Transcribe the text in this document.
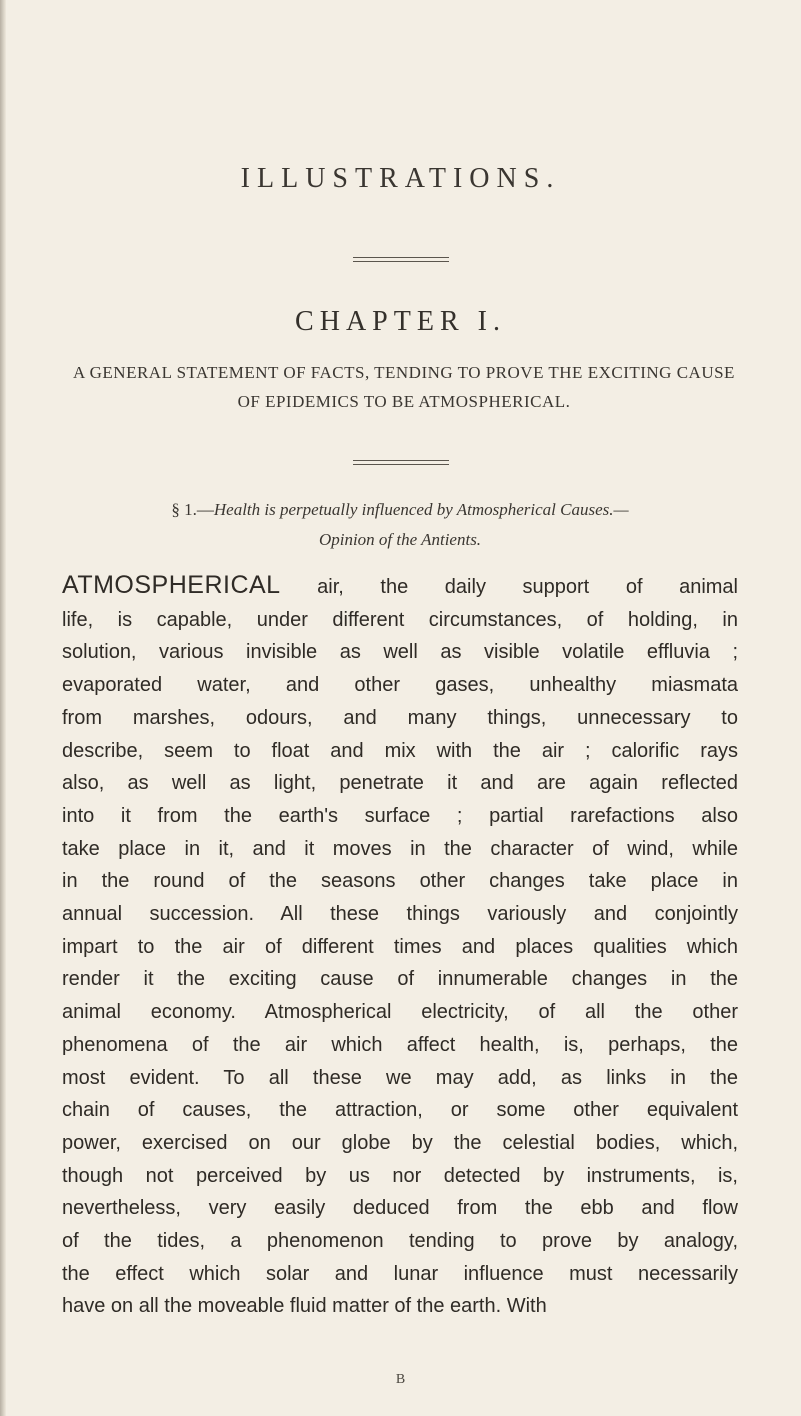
ILLUSTRATIONS.
CHAPTER I.
A GENERAL STATEMENT OF FACTS, TENDING TO PROVE THE EXCITING CAUSE OF EPIDEMICS TO BE ATMOSPHERICAL.
§ 1.—Health is perpetually influenced by Atmospherical Causes.—
Opinion of the Antients.
ATMOSPHERICAL air, the daily support of animal
life, is capable, under different circumstances, of holding, in
solution, various invisible as well as visible volatile effluvia ;
evaporated water, and other gases, unhealthy miasmata
from marshes, odours, and many things, unnecessary to
describe, seem to float and mix with the air ; calorific rays
also, as well as light, penetrate it and are again reflected
into it from the earth's surface ; partial rarefactions also
take place in it, and it moves in the character of wind, while
in the round of the seasons other changes take place in
annual succession. All these things variously and conjointly
impart to the air of different times and places qualities which
render it the exciting cause of innumerable changes in the
animal economy. Atmospherical electricity, of all the other
phenomena of the air which affect health, is, perhaps, the
most evident. To all these we may add, as links in the
chain of causes, the attraction, or some other equivalent
power, exercised on our globe by the celestial bodies, which,
though not perceived by us nor detected by instruments, is,
nevertheless, very easily deduced from the ebb and flow
of the tides, a phenomenon tending to prove by analogy,
the effect which solar and lunar influence must necessarily
have on all the moveable fluid matter of the earth. With
B
